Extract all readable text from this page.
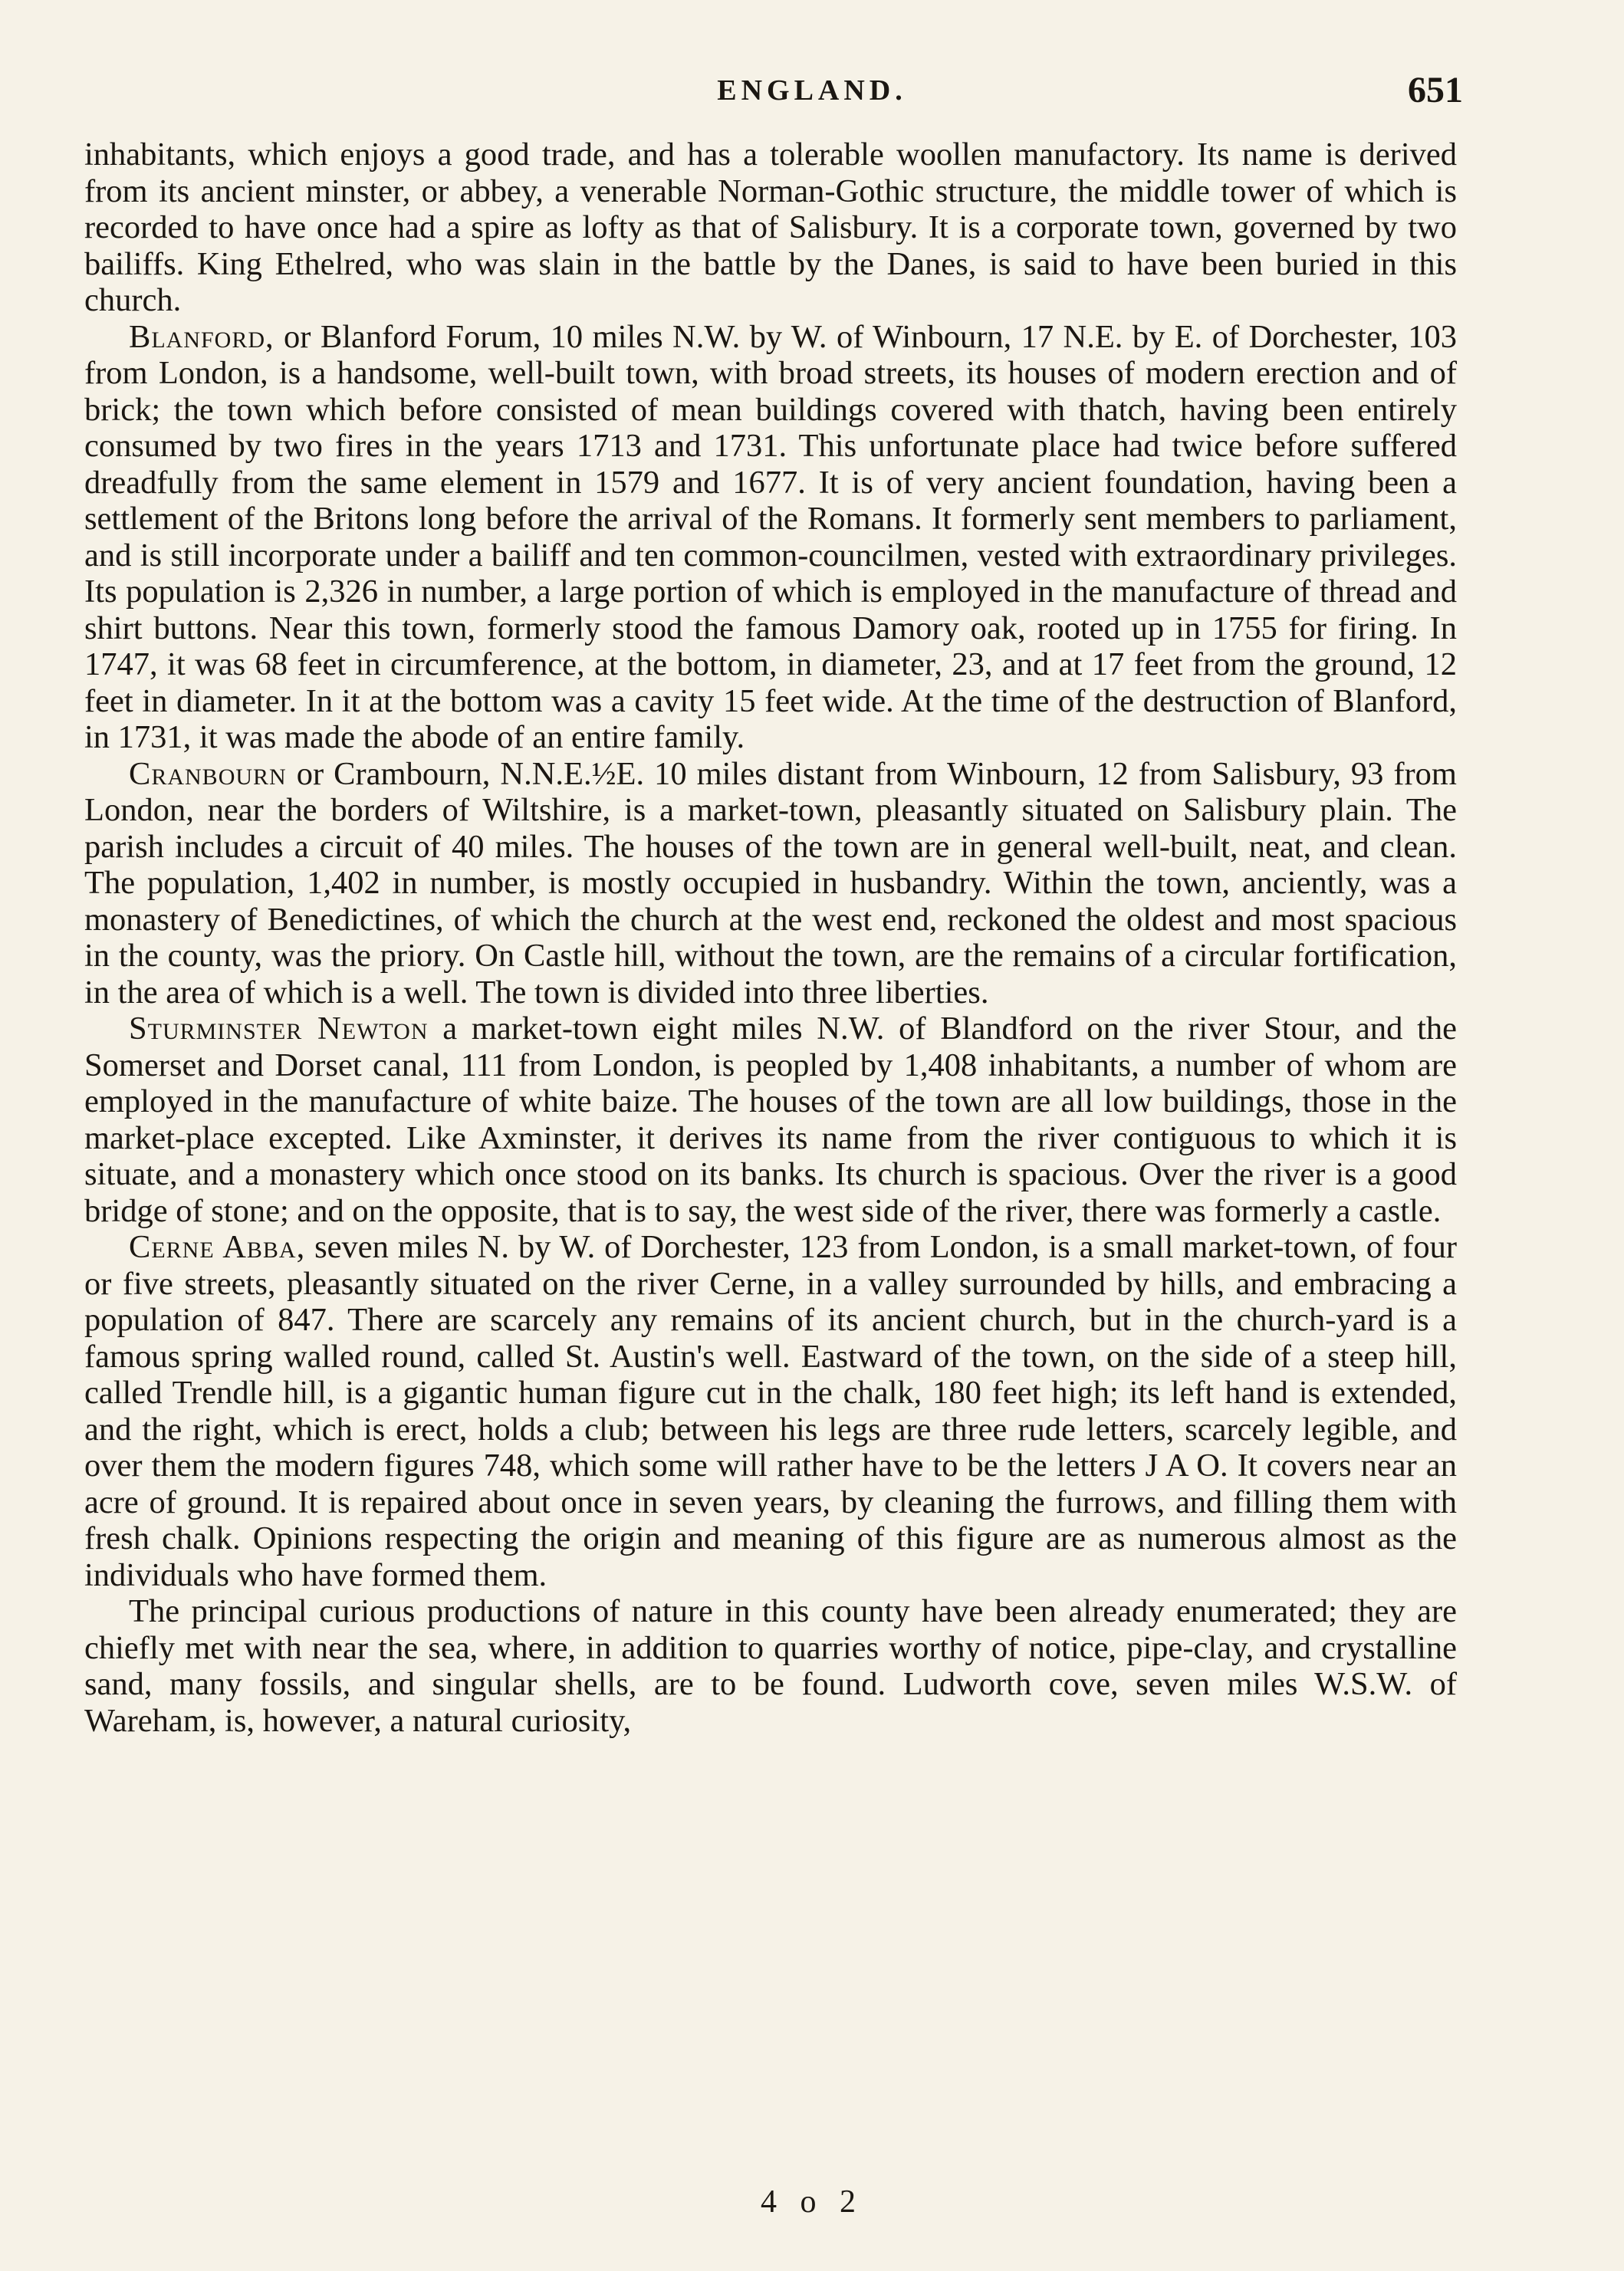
ENGLAND.	651

inhabitants, which enjoys a good trade, and has a tolerable woollen manufactory. Its name is derived from its ancient minster, or abbey, a venerable Norman-Gothic structure, the middle tower of which is recorded to have once had a spire as lofty as that of Salisbury. It is a corporate town, governed by two bailiffs. King Ethelred, who was slain in the battle by the Danes, is said to have been buried in this church.

Blanford, or Blanford Forum, 10 miles N.W. by W. of Winbourn, 17 N.E. by E. of Dorchester, 103 from London, is a handsome, well-built town, with broad streets, its houses of modern erection and of brick; the town which before consisted of mean buildings covered with thatch, having been entirely consumed by two fires in the years 1713 and 1731. This unfortunate place had twice before suffered dreadfully from the same element in 1579 and 1677. It is of very ancient foundation, having been a settlement of the Britons long before the arrival of the Romans. It formerly sent members to parliament, and is still incorporate under a bailiff and ten common-councilmen, vested with extraordinary privileges. Its population is 2,326 in number, a large portion of which is employed in the manufacture of thread and shirt buttons. Near this town, formerly stood the famous Damory oak, rooted up in 1755 for firing. In 1747, it was 68 feet in circumference, at the bottom, in diameter, 23, and at 17 feet from the ground, 12 feet in diameter. In it at the bottom was a cavity 15 feet wide. At the time of the destruction of Blanford, in 1731, it was made the abode of an entire family.

Cranbourn or Crambourn, N.N.E.½E. 10 miles distant from Winbourn, 12 from Salisbury, 93 from London, near the borders of Wiltshire, is a market-town, pleasantly situated on Salisbury plain. The parish includes a circuit of 40 miles. The houses of the town are in general well-built, neat, and clean. The population, 1,402 in number, is mostly occupied in husbandry. Within the town, anciently, was a monastery of Benedictines, of which the church at the west end, reckoned the oldest and most spacious in the county, was the priory. On Castle hill, without the town, are the remains of a circular fortification, in the area of which is a well. The town is divided into three liberties.

Sturminster Newton a market-town eight miles N.W. of Blandford on the river Stour, and the Somerset and Dorset canal, 111 from London, is peopled by 1,408 inhabitants, a number of whom are employed in the manufacture of white baize. The houses of the town are all low buildings, those in the market-place excepted. Like Axminster, it derives its name from the river contiguous to which it is situate, and a monastery which once stood on its banks. Its church is spacious. Over the river is a good bridge of stone; and on the opposite, that is to say, the west side of the river, there was formerly a castle.

Cerne Abba, seven miles N. by W. of Dorchester, 123 from London, is a small market-town, of four or five streets, pleasantly situated on the river Cerne, in a valley surrounded by hills, and embracing a population of 847. There are scarcely any remains of its ancient church, but in the church-yard is a famous spring walled round, called St. Austin's well. Eastward of the town, on the side of a steep hill, called Trendle hill, is a gigantic human figure cut in the chalk, 180 feet high; its left hand is extended, and the right, which is erect, holds a club; between his legs are three rude letters, scarcely legible, and over them the modern figures 748, which some will rather have to be the letters J A O. It covers near an acre of ground. It is repaired about once in seven years, by cleaning the furrows, and filling them with fresh chalk. Opinions respecting the origin and meaning of this figure are as numerous almost as the individuals who have formed them.

The principal curious productions of nature in this county have been already enumerated; they are chiefly met with near the sea, where, in addition to quarries worthy of notice, pipe-clay, and crystalline sand, many fossils, and singular shells, are to be found. Ludworth cove, seven miles W.S.W. of Wareham, is, however, a natural curiosity,

4 o 2
